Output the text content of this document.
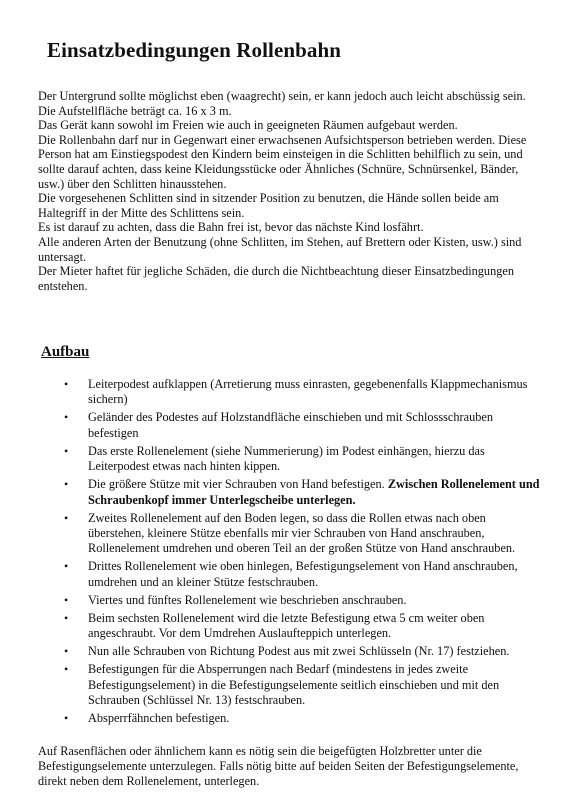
Einsatzbedingungen Rollenbahn

Der Untergrund sollte möglichst eben (waagrecht) sein, er kann jedoch auch leicht abschüssig sein.

Die Aufstellfläche beträgt ca. 16 x 3 m.

Das Gerät kann sowohl im Freien wie auch in geeigneten Räumen aufgebaut werden.

Die Rollenbahn darf nur in Gegenwart einer erwachsenen Aufsichtsperson betrieben werden. Diese Person hat am Einstiegspodest den Kindern beim einsteigen in die Schlitten behilflich zu sein, und sollte darauf achten, dass keine Kleidungsstücke oder Ähnliches (Schnüre, Schnürsenkel, Bänder, usw.) über den Schlitten hinausstehen.

Die vorgesehenen Schlitten sind in sitzender Position zu benutzen, die Hände sollen beide am Haltegriff in der Mitte des Schlittens sein.

Es ist darauf zu achten, dass die Bahn frei ist, bevor das nächste Kind losfährt.

Alle anderen Arten der Benutzung (ohne Schlitten, im Stehen, auf Brettern oder Kisten, usw.) sind untersagt.

Der Mieter haftet für jegliche Schäden, die durch die Nichtbeachtung dieser Einsatzbedingungen entstehen.

Aufbau
•	Leiterpodest aufklappen (Arretierung muss einrasten, gegebenenfalls Klappmechanismus sichern)
•	Geländer des Podestes auf Holzstandfläche einschieben und mit Schlossschrauben befestigen
•	Das erste Rollenelement (siehe Nummerierung) im Podest einhängen, hierzu das Leiterpodest etwas nach hinten kippen.
•	Die größere Stütze mit vier Schrauben von Hand befestigen. Zwischen Rollenelement und Schraubenkopf immer Unterlegscheibe unterlegen.
•	Zweites Rollenelement auf den Boden legen, so dass die Rollen etwas nach oben überstehen, kleinere Stütze ebenfalls mir vier Schrauben von Hand anschrauben, Rollenelement umdrehen und oberen Teil an der großen Stütze von Hand anschrauben.
•	Drittes Rollenelement wie oben hinlegen, Befestigungselement von Hand anschrauben, umdrehen und an kleiner Stütze festschrauben.
•	Viertes und fünftes Rollenelement wie beschrieben anschrauben.
•	Beim sechsten Rollenelement wird die letzte Befestigung etwa 5 cm weiter oben angeschraubt. Vor dem Umdrehen Auslaufteppich unterlegen.
•	Nun alle Schrauben von Richtung Podest aus mit zwei Schlüsseln (Nr. 17) festziehen.
•	Befestigungen für die Absperrungen nach Bedarf (mindestens in jedes zweite Befestigungselement) in die Befestigungselemente seitlich einschieben und mit den Schrauben (Schlüssel Nr. 13) festschrauben.
•	Absperrfähnchen befestigen.

Auf Rasenflächen oder ähnlichem kann es nötig sein die beigefügten Holzbretter unter die Befestigungselemente unterzulegen. Falls nötig bitte auf beiden Seiten der Befestigungselemente, direkt neben dem Rollenelement, unterlegen.
